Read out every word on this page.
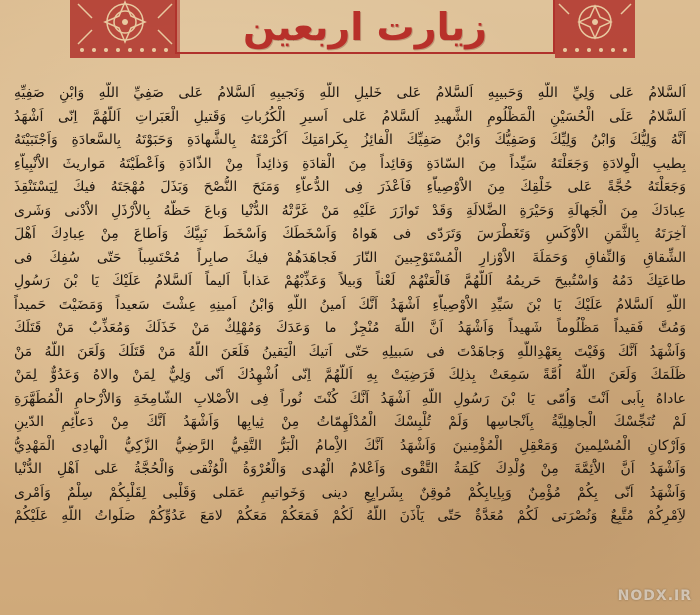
زیارت اربعین
اَلسَّلامُ عَلى وَلِيِّ اللّهِ وَحَبيبِهِ اَلسَّلامُ عَلى خَليلِ اللّهِ وَنَجيبِهِ اَلسَّلامُ عَلى صَفِيِّ اللّهِ وَابْنِ صَفِيِّهِ
اَلسَّلامُ عَلَى الْحُسَيْنِ الْمَظْلُومِ الشَّهيدِ اَلسَّلامُ عَلى اَسيرِ الْكُرُباتِ وَقَتيلِ الْعَبَراتِ اَللّهُمَّ اِنّى اَشْهَدُ
اَنَّهُ وَلِيُّكَ وَابْنُ وَلِيِّكَ وَصَفِيُّكَ وَابْنُ صَفِيِّكَ الْفائِزُ بِكَرامَتِكَ اَكْرَمْتَهُ بِالشَّهادَةِ وَحَبَوْتَهُ بِالسَّعادَةِ وَاَجْتَبَيْتَهُ
بِطيبِ الْوِلادَةِ وَجَعَلْتَهُ سَيِّداً مِنَ السّادَةِ وَقائِداً مِنَ الْقادَةِ وَذائِداً مِنْ الذّادَةِ وَاَعْطَيْتَهُ مَواريثَ الاَْنْبِياَّءِ
وَجَعَلْتَهُ حُجَّةً عَلى خَلْقِكَ مِنَ الاَْوْصِياَّءِ فَاَعْذَرَ فِى الدُّعاَّءِ وَمَنَحَ النُّصْحَ وَبَذَلَ مُهْجَتَهُ فيكَ لِيَسْتَنْقِذَ
عِبادَكَ مِنَ الْجَهالَةِ وَحَيْرَةِ الضَّلالَةِ وَقَدْ تَوازَرَ عَلَيْهِ مَنْ غَرَّتْهُ الدُّنْيا وَباعَ حَظَّهُ بِالاَْرْذَلِ الاَْدْنى وَشَرى
آخِرَتَهُ بِالثَّمَنِ الاَْوْكَسِ وَتَغَطْرَسَ وَتَرَدّى فى هَواهُ وَاَسْخَطَكَ وَاَسْخَطَ نَبِيَّكَ وَاَطاعَ مِنْ عِبادِكَ اَهْلَ
الشِّقاقِ وَالنِّفاقِ وَحَمَلَةَ الاَْوْزارِ الْمُسْتَوْجِبينَ النّارَ فَجاهَدَهُمْ فيكَ صابِراً مُحْتَسِباً حَتّى سُفِكَ فى
طاعَتِكَ دَمُهُ وَاسْتُبيحَ حَريمُهُ اَللّهُمَّ فَالْعَنْهُمْ لَعْناً وَبيلاً وَعَذِّبْهُمْ عَذاباً اَليماً اَلسَّلامُ عَلَيْكَ يَا بْنَ رَسُولِ
اللّهِ اَلسَّلامُ عَلَيْكَ يَا بْنَ سَيِّدِ الاَْوْصِياَّءِ اَشْهَدُ اَنَّكَ اَمينُ اللّهِ وَابْنُ اَمينِهِ عِشْتَ سَعيداً وَمَضَيْتَ حَميداً
وَمُتَّ فَقيداً مَظْلُوماً شَهيداً وَاَشْهَدُ اَنَّ اللّهَ مُنْجِزٌ ما وَعَدَكَ وَمُهْلِكٌ مَنْ خَذَلَكَ وَمُعَذِّبٌ مَنْ قَتَلَكَ
وَاَشْهَدُ اَنَّكَ وَفَيْتَ بِعَهْدِاللّهِ وَجاهَدْتَ فى سَبيلِهِ حَتّى اَتيكَ الْيَقينُ فَلَعَنَ اللّهُ مَنْ قَتَلَكَ وَلَعَنَ اللّهُ مَنْ
ظَلَمَكَ وَلَعَنَ اللّهُ اُمَّةً سَمِعَتْ بِذلِكَ فَرَضِيَتْ بِهِ اَللّهُمَّ اِنّى اُشْهِدُكَ اَنّى وَلِيٌّ لِمَنْ والاهُ وَعَدُوٌّ لِمَنْ
عاداهُ بِاَبى اَنْتَ وَاُمّى يَا بْنَ رَسُولِ اللّهِ اَشْهَدُ اَنَّكَ كُنْتَ نُوراً فِى الاَْصْلابِ الشّامِخَةِ وَالاَْرْحامِ الْمُطَهَّرَةِ
لَمْ تُنَجِّسْكَ الْجاهِلِيَّةُ بِاَنْجاسِها وَلَمْ تُلْبِسْكَ الْمُدْلَهِمّاتُ مِنْ ثِيابِها وَاَشْهَدُ اَنَّكَ مِنْ دَعاَّئِمِ الدّينِ
وَاَرْكانِ الْمُسْلِمينَ وَمَعْقِلِ الْمُؤْمِنينَ وَاَشْهَدُ اَنَّكَ الاِْمامُ الْبَرُّ التَّقِيُّ الرَّضِيُّ الزَّكِيُّ الْهادِى الْمَهْدِيُّ
وَاَشْهَدُ اَنَّ الاَْئِمَّةَ مِنْ وُلْدِكَ كَلِمَةُ التَّقْوى وَاَعْلامُ الْهُدى وَالْعُرْوَةُ الْوُثْقى وَالْحُجَّةُ عَلى اَهْلِ الدُّنْيا
وَاَشْهَدُ اَنّى بِكُمْ مُؤْمِنٌ وَبِاِيابِكُمْ مُوقِنٌ بِشَرايِعِ دينى وَخَواتيمِ عَمَلى وَقَلْبى لِقَلْبِكُمْ سِلْمٌ وَاَمْرى
لاَِمْرِكُمْ مُتَّبِعٌ وَنُصْرَتى لَكُمْ مُعَدَّةٌ حَتّى يَاْذَنَ اللّهُ لَكُمْ فَمَعَكُمْ مَعَكُمْ لامَعَ عَدُوِّكُمْ صَلَواتُ اللّهِ عَلَيْكُمْ
NODX.IR
